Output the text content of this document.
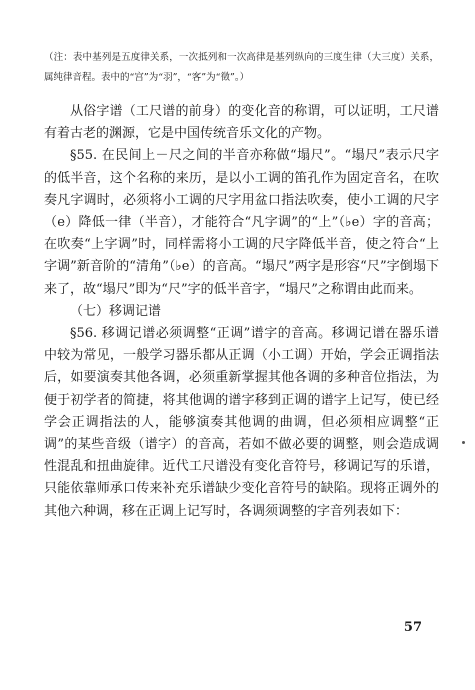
（注：表中基列是五度律关系，一次抵列和一次高律是基列纵向的三度生律（大三度）关系，属纯律音程。表中的“宫”为“羽”，“客”为“徵”。）

从俗字谱（工尺谱的前身）的变化音的称谓，可以证明，工尺谱有着古老的渊源，它是中国传统音乐文化的产物。

§55. 在民间上－尺之间的半音亦称做“塌尺”。“塌尺”表示尺字的低半音，这个名称的来历，是以小工调的笛孔作为固定音名，在吹奏凡字调时，必须将小工调的尺字用盆口指法吹奏，使小工调的尺字（e）降低一律（半音），才能符合“凡字调”的“上”（♭e）字的音高；在吹奏“上字调”时，同样需将小工调的尺字降低半音，使之符合“上字调”新音阶的“清角”（♭e）的音高。“塌尺”两字是形容“尺”字倒塌下来了，故“塌尺”即为“尺”字的低半音字，“塌尺”之称谓由此而来。

（七）移调记谱

§56. 移调记谱必须调整“正调”谱字的音高。移调记谱在器乐谱中较为常见，一般学习器乐都从正调（小工调）开始，学会正调指法后，如要演奏其他各调，必须重新掌握其他各调的多种音位指法，为便于初学者的简捷，将其他调的谱字移到正调的谱字上记写，使已经学会正调指法的人，能够演奏其他调的曲调，但必须相应调整“正调”的某些音级（谱字）的音高，若如不做必要的调整，则会造成调性混乱和扭曲旋律。近代工尺谱没有变化音符号，移调记写的乐谱，只能依靠师承口传来补充乐谱缺少变化音符号的缺陷。现将正调外的其他六种调，移在正调上记写时，各调须调整的字音列表如下：

57
